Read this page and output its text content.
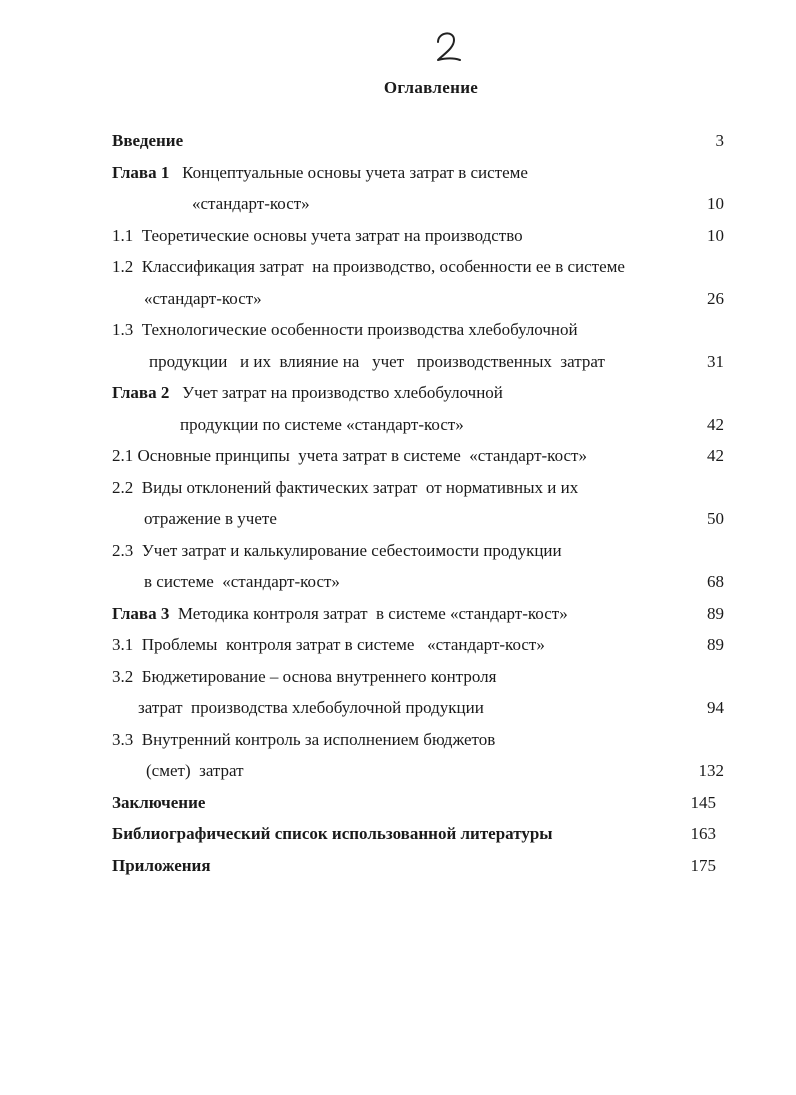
Оглавление
Введение	3
Глава 1 Концептуальные основы учета затрат в системе
«стандарт-кост»	10
1.1  Теоретические основы учета затрат на производство	10
1.2  Классификация затрат  на производство, особенности ее в системе
«стандарт-кост»	26
1.3  Технологические особенности производства хлебобулочной
продукции   и их  влияние на   учет   производственных  затрат	31
Глава 2 Учет затрат на производство хлебобулочной
продукции по системе «стандарт-кост»	42
2.1 Основные принципы  учета затрат в системе  «стандарт-кост»	42
2.2  Виды отклонений фактических затрат  от нормативных и их
отражение в учете	50
2.3  Учет затрат и калькулирование себестоимости продукции
в системе  «стандарт-кост»	68
Глава 3 Методика контроля затрат  в системе «стандарт-кост»	89
3.1  Проблемы  контроля затрат в системе   «стандарт-кост»	89
3.2  Бюджетирование – основа внутреннего контроля
затрат  производства хлебобулочной продукции	94
3.3  Внутренний контроль за исполнением бюджетов
(смет)  затрат	132
Заключение	145
Библиографический список использованной литературы	163
Приложения	175
